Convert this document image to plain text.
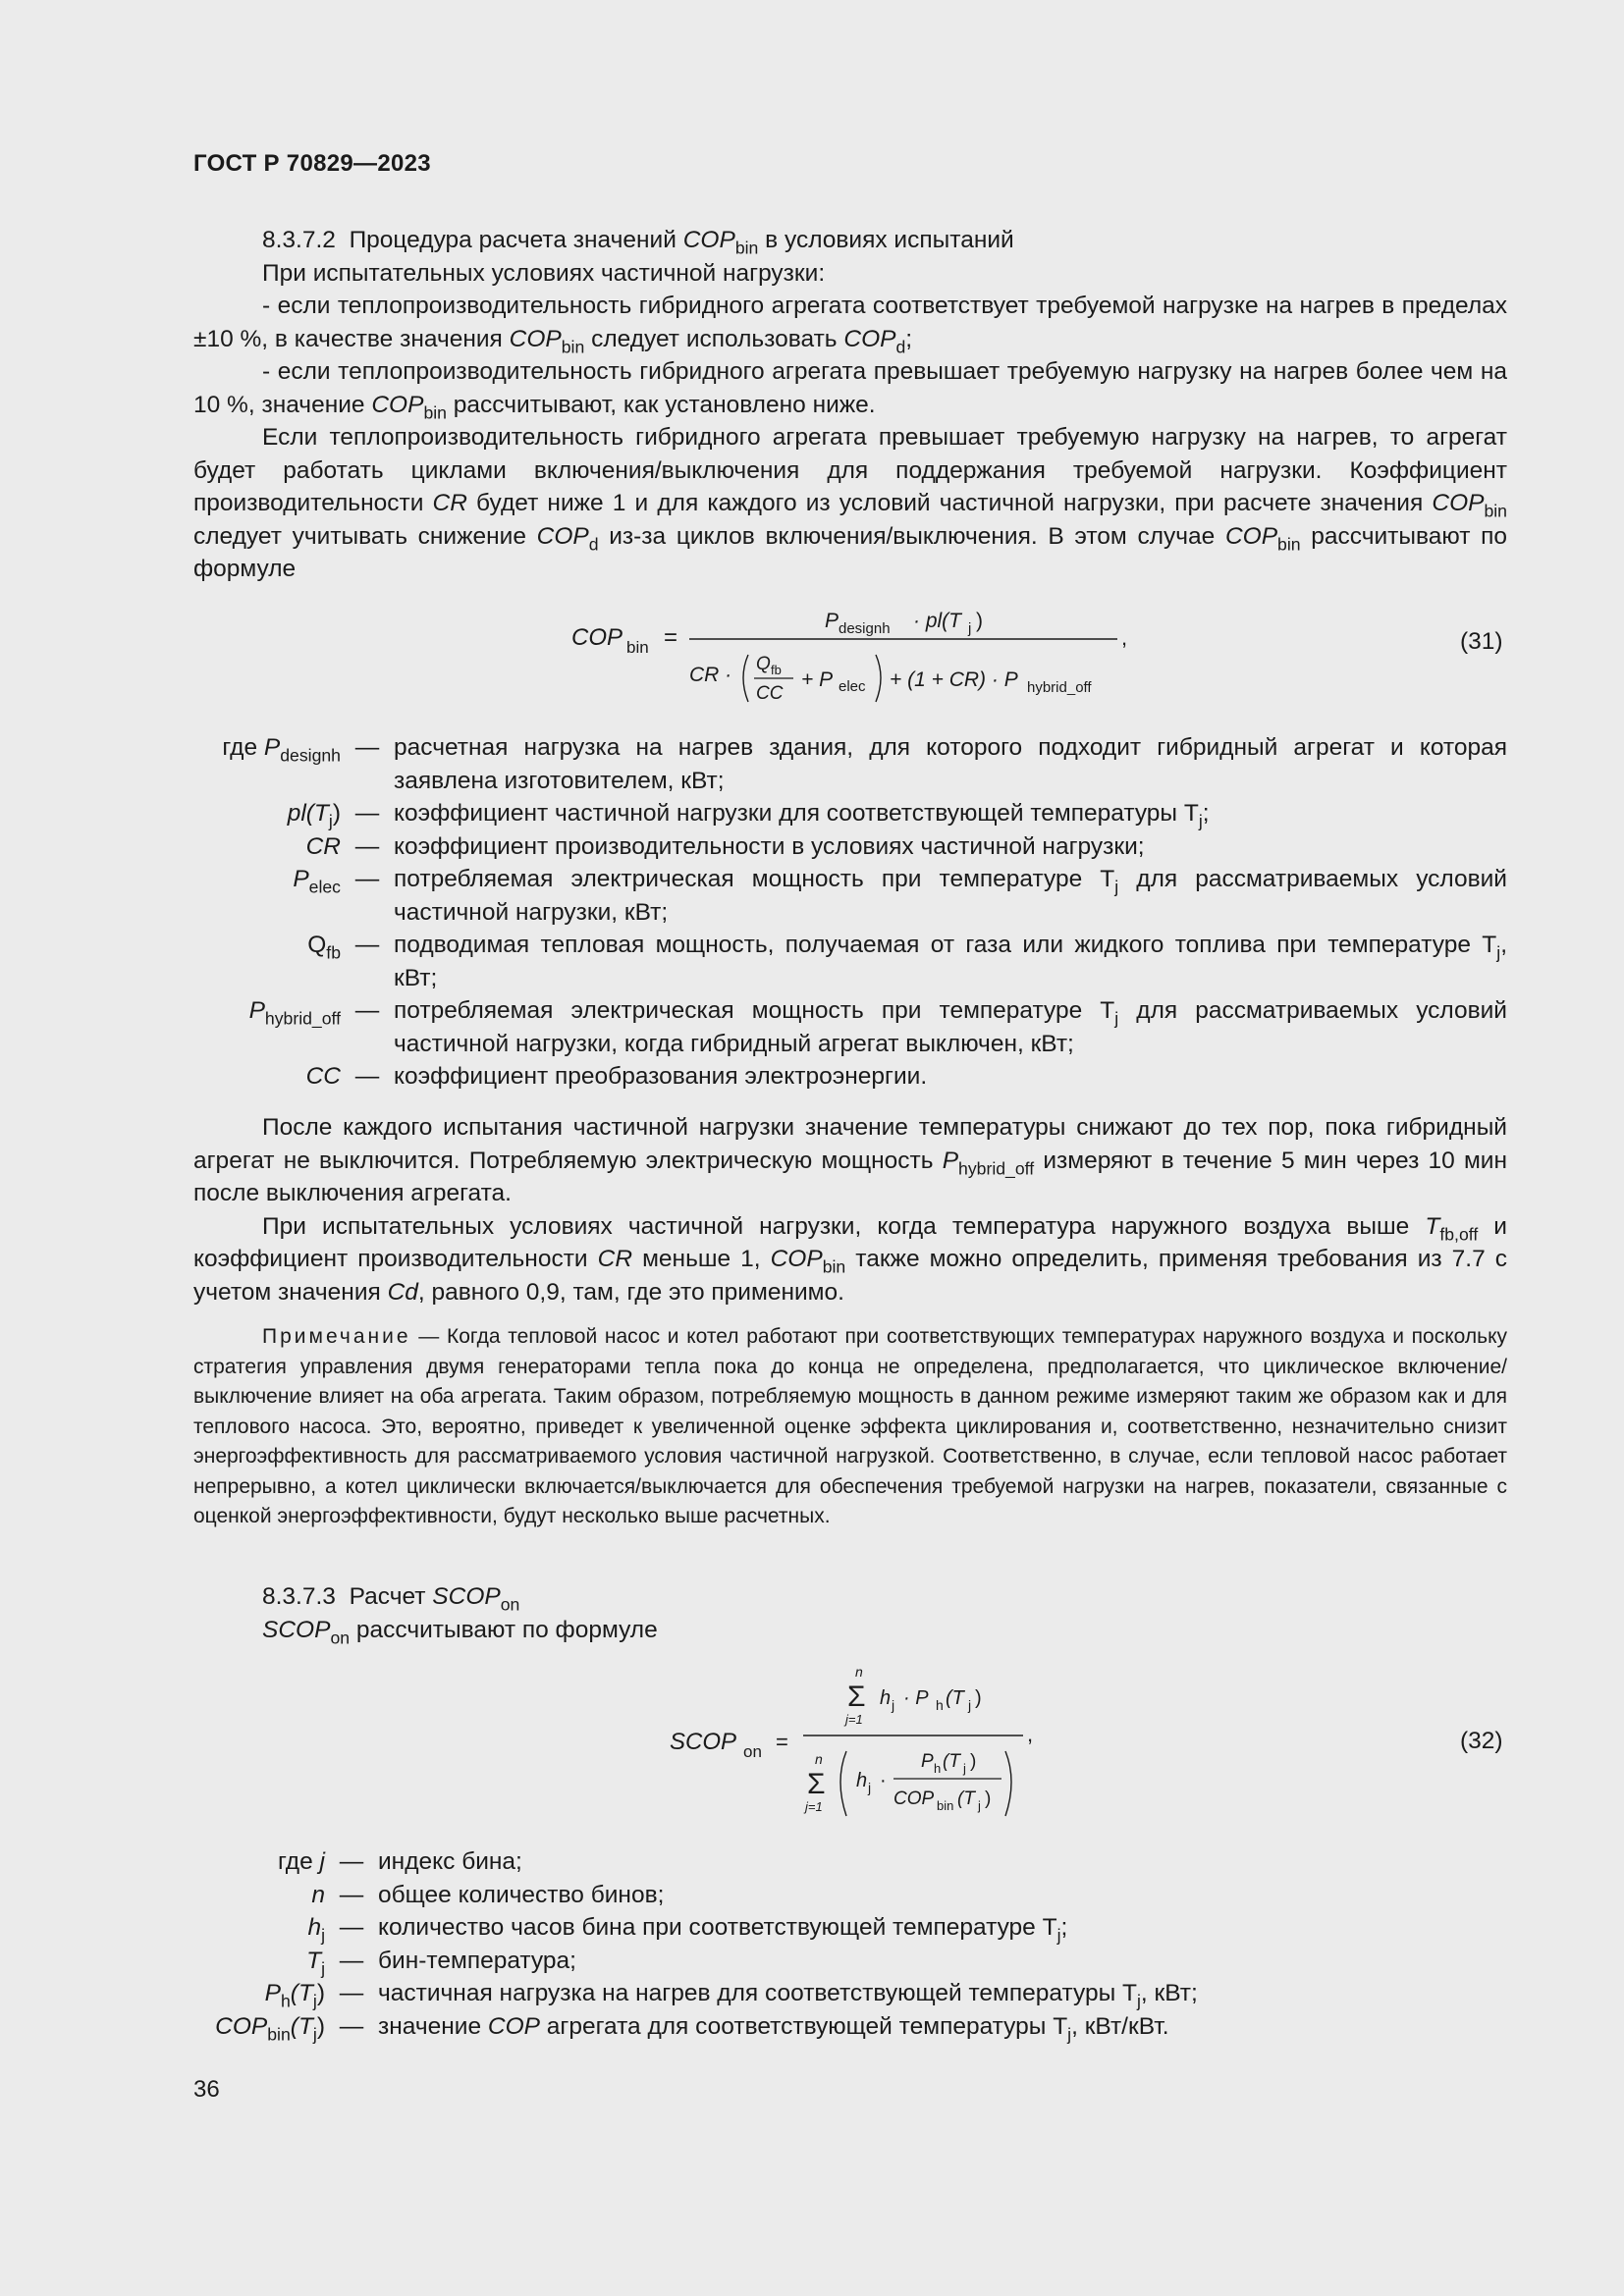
ГОСТ Р 70829—2023

8.3.7.2 Процедура расчета значений $COP_{bin}$ в условиях испытаний

При испытательных условиях частичной нагрузки:

- если теплопроизводительность гибридного агрегата соответствует требуемой нагрузке на нагрев в пределах ±10 %, в качестве значения $COP_{bin}$ следует использовать $COP_d$;

- если теплопроизводительность гибридного агрегата превышает требуемую нагрузку на нагрев более чем на 10 %, значение $COP_{bin}$ рассчитывают, как установлено ниже.

Если теплопроизводительность гибридного агрегата превышает требуемую нагрузку на нагрев, то агрегат будет работать циклами включения/выключения для поддержания требуемой нагрузки. Коэффициент производительности CR будет ниже 1 и для каждого из условий частичной нагрузки, при расчете значения $COP_{bin}$ следует учитывать снижение $COP_d$ из-за циклов включения/выключения. В этом случае $COP_{bin}$ рассчитывают по формуле

COP bin =
P designh · pl(T j )
,
CR · Q fb
CC
+ P elec + (1 + CR) · P hybrid_off
(31)
где $P_{designh}$ — расчетная нагрузка на нагрев здания, для которого подходит гибридный агрегат и которая заявлена изготовителем, кВт;
$pl(T_j)$ — коэффициент частичной нагрузки для соответствующей температуры $T_j$;
CR — коэффициент производительности в условиях частичной нагрузки;
$P_{elec}$ — потребляемая электрическая мощность при температуре $T_j$ для рассматриваемых условий частичной нагрузки, кВт;
$Q_{fb}$ — подводимая тепловая мощность, получаемая от газа или жидкого топлива при температуре $T_j$, кВт;
$P_{hybrid\_off}$ — потребляемая электрическая мощность при температуре $T_j$ для рассматриваемых условий частичной нагрузки, когда гибридный агрегат выключен, кВт;
CC — коэффициент преобразования электроэнергии.

После каждого испытания частичной нагрузки значение температуры снижают до тех пор, пока гибридный агрегат не выключится. Потребляемую электрическую мощность $P_{hybrid\_off}$ измеряют в течение 5 мин через 10 мин после выключения агрегата.

При испытательных условиях частичной нагрузки, когда температура наружного воздуха выше $T_{fb,off}$ и коэффициент производительности CR меньше 1, $COP_{bin}$ также можно определить, применяя требования из 7.7 с учетом значения Cd, равного 0,9, там, где это применимо.

Примечание — Когда тепловой насос и котел работают при соответствующих температурах наружного воздуха и поскольку стратегия управления двумя генераторами тепла пока до конца не определена, предполагается, что циклическое включение/выключение влияет на оба агрегата. Таким образом, потребляемую мощность в данном режиме измеряют таким же образом как и для теплового насоса. Это, вероятно, приведет к увеличенной оценке эффекта циклирования и, соответственно, незначительно снизит энергоэффективность для рассматриваемого условия частичной нагрузкой. Соответственно, в случае, если тепловой насос работает непрерывно, а котел циклически включается/выключается для обеспечения требуемой нагрузки на нагрев, показатели, связанные с оценкой энергоэффективности, будут несколько выше расчетных.

8.3.7.3 Расчет $SCOP_{on}$

$SCOP_{on}$ рассчитывают по формуле

SCOP on =
n
Σ
j=1
h j · P h (T j )
,
n
Σ
j=1
h j ·
P h (T j )
COP bin (T j )
(32)
где j — индекс бина;
n — общее количество бинов;
$h_j$ — количество часов бина при соответствующей температуре $T_j$;
$T_j$ — бин-температура;
$P_h(T_j)$ — частичная нагрузка на нагрев для соответствующей температуры $T_j$, кВт;
$COP_{bin}(T_j)$ — значение COP агрегата для соответствующей температуры $T_j$, кВт/кВт.
36
